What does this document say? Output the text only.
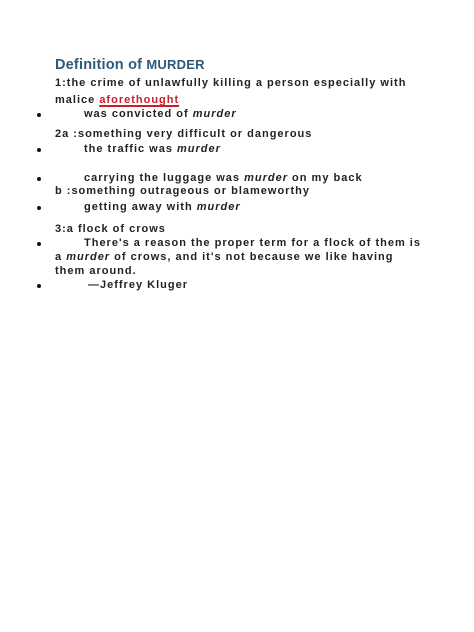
Definition of MURDER
1:the crime of unlawfully killing a person especially with
malice aforethought
was convicted of murder
2a :something very difficult or dangerous
the traffic was murder
carrying the luggage was murder on my back
b :something outrageous or blameworthy
getting away with murder
3:a flock of crows
There's a reason the proper term for a flock of them is
a murder of crows, and it's not because we like having
them around.
—Jeffrey Kluger
